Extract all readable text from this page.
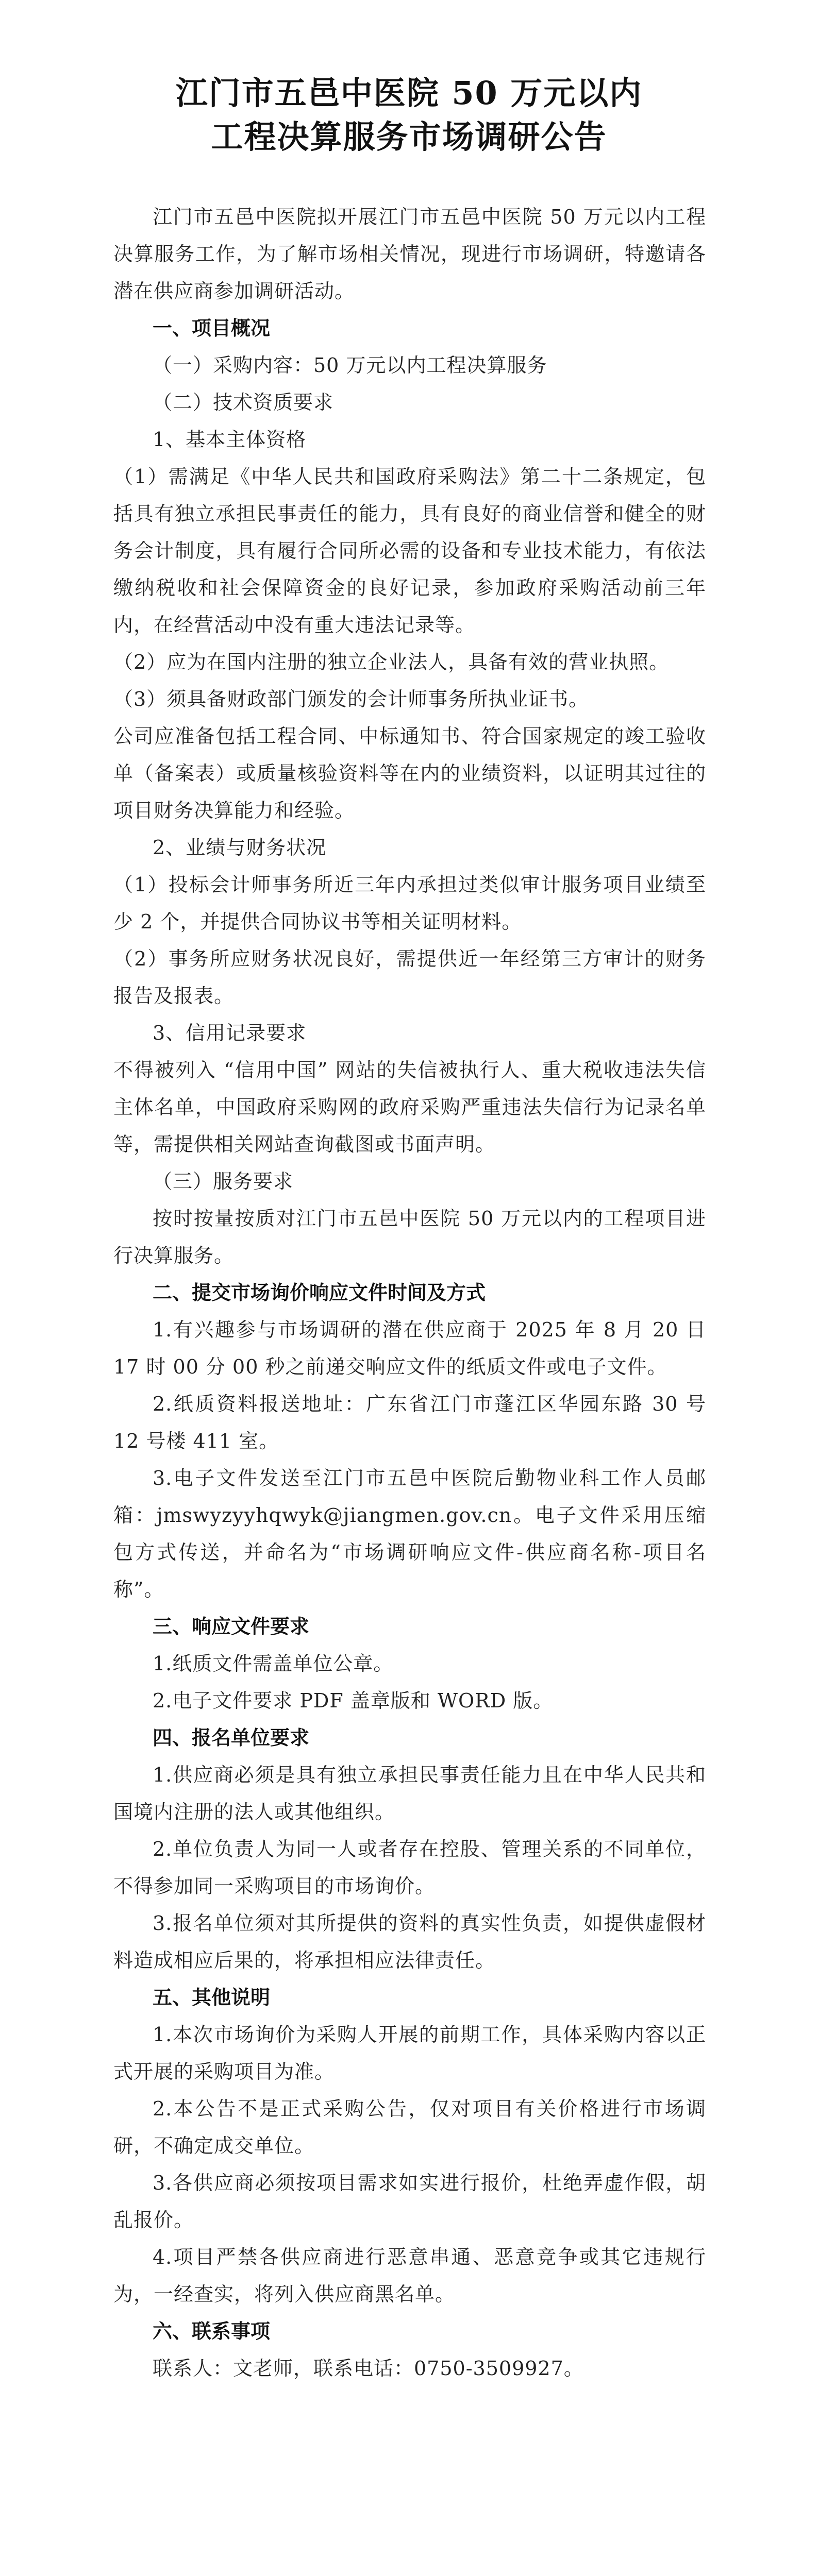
江门市五邑中医院 50 万元以内
工程决算服务市场调研公告

江门市五邑中医院拟开展江门市五邑中医院 50 万元以内工程决算服务工作，为了解市场相关情况，现进行市场调研，特邀请各潜在供应商参加调研活动。

一、项目概况

（一）采购内容：50 万元以内工程决算服务

（二）技术资质要求

1、基本主体资格

（1）需满足《中华人民共和国政府采购法》第二十二条规定，包括具有独立承担民事责任的能力，具有良好的商业信誉和健全的财务会计制度，具有履行合同所必需的设备和专业技术能力，有依法缴纳税收和社会保障资金的良好记录，参加政府采购活动前三年内，在经营活动中没有重大违法记录等。

（2）应为在国内注册的独立企业法人，具备有效的营业执照。

（3）须具备财政部门颁发的会计师事务所执业证书。

公司应准备包括工程合同、中标通知书、符合国家规定的竣工验收单（备案表）或质量核验资料等在内的业绩资料，以证明其过往的项目财务决算能力和经验。

2、业绩与财务状况

（1）投标会计师事务所近三年内承担过类似审计服务项目业绩至少 2 个，并提供合同协议书等相关证明材料。

（2）事务所应财务状况良好，需提供近一年经第三方审计的财务报告及报表。

3、信用记录要求

不得被列入 “信用中国” 网站的失信被执行人、重大税收违法失信主体名单，中国政府采购网的政府采购严重违法失信行为记录名单等，需提供相关网站查询截图或书面声明。

（三）服务要求

按时按量按质对江门市五邑中医院 50 万元以内的工程项目进行决算服务。

二、提交市场询价响应文件时间及方式

1.有兴趣参与市场调研的潜在供应商于 2025 年 8 月 20 日 17 时 00 分 00 秒之前递交响应文件的纸质文件或电子文件。

2.纸质资料报送地址：广东省江门市蓬江区华园东路 30 号 12 号楼 411 室。

3.电子文件发送至江门市五邑中医院后勤物业科工作人员邮箱：jmswyzyyhqwyk@jiangmen.gov.cn。电子文件采用压缩包方式传送，并命名为“市场调研响应文件-供应商名称-项目名称”。

三、响应文件要求

1.纸质文件需盖单位公章。

2.电子文件要求 PDF 盖章版和 WORD 版。

四、报名单位要求

1.供应商必须是具有独立承担民事责任能力且在中华人民共和国境内注册的法人或其他组织。

2.单位负责人为同一人或者存在控股、管理关系的不同单位，不得参加同一采购项目的市场询价。

3.报名单位须对其所提供的资料的真实性负责，如提供虚假材料造成相应后果的，将承担相应法律责任。

五、其他说明

1.本次市场询价为采购人开展的前期工作，具体采购内容以正式开展的采购项目为准。

2.本公告不是正式采购公告，仅对项目有关价格进行市场调研，不确定成交单位。

3.各供应商必须按项目需求如实进行报价，杜绝弄虚作假，胡乱报价。

4.项目严禁各供应商进行恶意串通、恶意竞争或其它违规行为，一经查实，将列入供应商黑名单。

六、联系事项

联系人：文老师，联系电话：0750-3509927。
